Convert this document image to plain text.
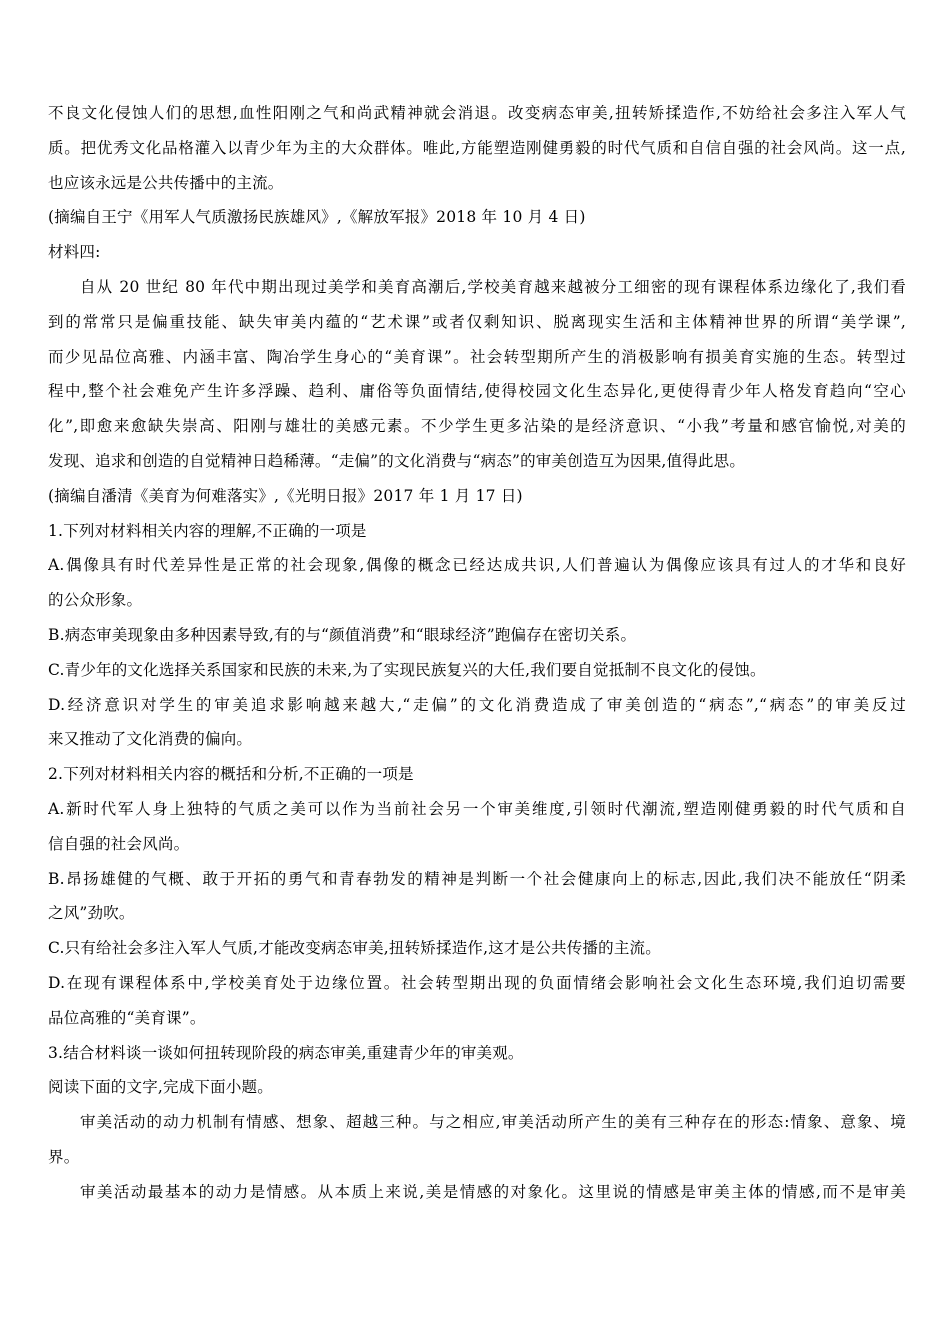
不良文化侵蚀人们的思想,血性阳刚之气和尚武精神就会消退。改变病态审美,扭转矫揉造作,不妨给社会多注入军人气
质。把优秀文化品格灌入以青少年为主的大众群体。唯此,方能塑造刚健勇毅的时代气质和自信自强的社会风尚。这一点,
也应该永远是公共传播中的主流。
(摘编自王宁《用军人气质激扬民族雄风》,《解放军报》2018 年 10 月 4 日)
材料四:
自从 20 世纪 80 年代中期出现过美学和美育高潮后,学校美育越来越被分工细密的现有课程体系边缘化了,我们看
到的常常只是偏重技能、缺失审美内蕴的“艺术课”或者仅剩知识、脱离现实生活和主体精神世界的所谓“美学课”,
而少见品位高雅、内涵丰富、陶冶学生身心的“美育课”。社会转型期所产生的消极影响有损美育实施的生态。转型过
程中,整个社会难免产生许多浮躁、趋利、庸俗等负面情结,使得校园文化生态异化,更使得青少年人格发育趋向“空心
化”,即愈来愈缺失崇高、阳刚与雄壮的美感元素。不少学生更多沾染的是经济意识、“小我”考量和感官愉悦,对美的
发现、追求和创造的自觉精神日趋稀薄。“走偏”的文化消费与“病态”的审美创造互为因果,值得此思。
(摘编自潘清《美育为何难落实》,《光明日报》2017 年 1 月 17 日)
1.下列对材料相关内容的理解,不正确的一项是
A.偶像具有时代差异性是正常的社会现象,偶像的概念已经达成共识,人们普遍认为偶像应该具有过人的才华和良好
的公众形象。
B.病态审美现象由多种因素导致,有的与“颜值消费”和“眼球经济”跑偏存在密切关系。
C.青少年的文化选择关系国家和民族的未来,为了实现民族复兴的大任,我们要自觉抵制不良文化的侵蚀。
D.经济意识对学生的审美追求影响越来越大,“走偏”的文化消费造成了审美创造的“病态”,“病态”的审美反过
来又推动了文化消费的偏向。
2.下列对材料相关内容的概括和分析,不正确的一项是
A.新时代军人身上独特的气质之美可以作为当前社会另一个审美维度,引领时代潮流,塑造刚健勇毅的时代气质和自
信自强的社会风尚。
B.昂扬雄健的气概、敢于开拓的勇气和青春勃发的精神是判断一个社会健康向上的标志,因此,我们决不能放任“阴柔
之风”劲吹。
C.只有给社会多注入军人气质,才能改变病态审美,扭转矫揉造作,这才是公共传播的主流。
D.在现有课程体系中,学校美育处于边缘位置。社会转型期出现的负面情绪会影响社会文化生态环境,我们迫切需要
品位高雅的“美育课”。
3.结合材料谈一谈如何扭转现阶段的病态审美,重建青少年的审美观。
阅读下面的文字,完成下面小题。
审美活动的动力机制有情感、想象、超越三种。与之相应,审美活动所产生的美有三种存在的形态:情象、意象、境
界。
审美活动最基本的动力是情感。从本质上来说,美是情感的对象化。这里说的情感是审美主体的情感,而不是审美
